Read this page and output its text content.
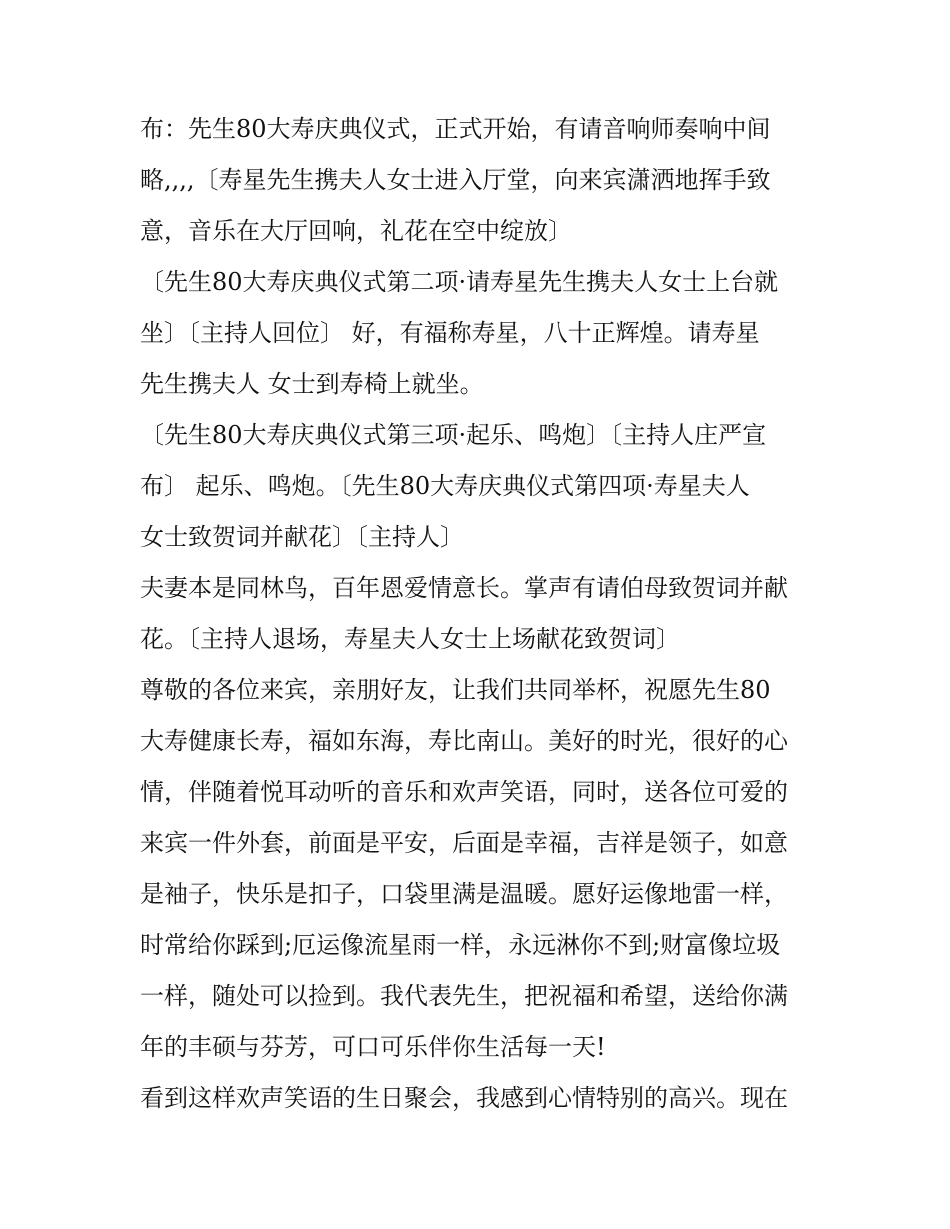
布：先生80大寿庆典仪式，正式开始，有请音响师奏响中间
略,,,,〔寿星先生携夫人女士进入厅堂，向来宾潇洒地挥手致
意，音乐在大厅回响，礼花在空中绽放〕
〔先生80大寿庆典仪式第二项·请寿星先生携夫人女士上台就
坐〕〔主持人回位〕 好，有福称寿星，八十正辉煌。请寿星
先生携夫人 女士到寿椅上就坐。
〔先生80大寿庆典仪式第三项·起乐、鸣炮〕〔主持人庄严宣
布〕 起乐、鸣炮。〔先生80大寿庆典仪式第四项·寿星夫人
女士致贺词并献花〕〔主持人〕
夫妻本是同林鸟，百年恩爱情意长。掌声有请伯母致贺词并献
花。〔主持人退场，寿星夫人女士上场献花致贺词〕
尊敬的各位来宾，亲朋好友，让我们共同举杯，祝愿先生80
大寿健康长寿，福如东海，寿比南山。美好的时光，很好的心
情，伴随着悦耳动听的音乐和欢声笑语，同时，送各位可爱的
来宾一件外套，前面是平安，后面是幸福，吉祥是领子，如意
是袖子，快乐是扣子，口袋里满是温暖。愿好运像地雷一样，
时常给你踩到;厄运像流星雨一样，永远淋你不到;财富像垃圾
一样，随处可以捡到。我代表先生，把祝福和希望，送给你满
年的丰硕与芬芳，可口可乐伴你生活每一天!
看到这样欢声笑语的生日聚会，我感到心情特别的高兴。现在
